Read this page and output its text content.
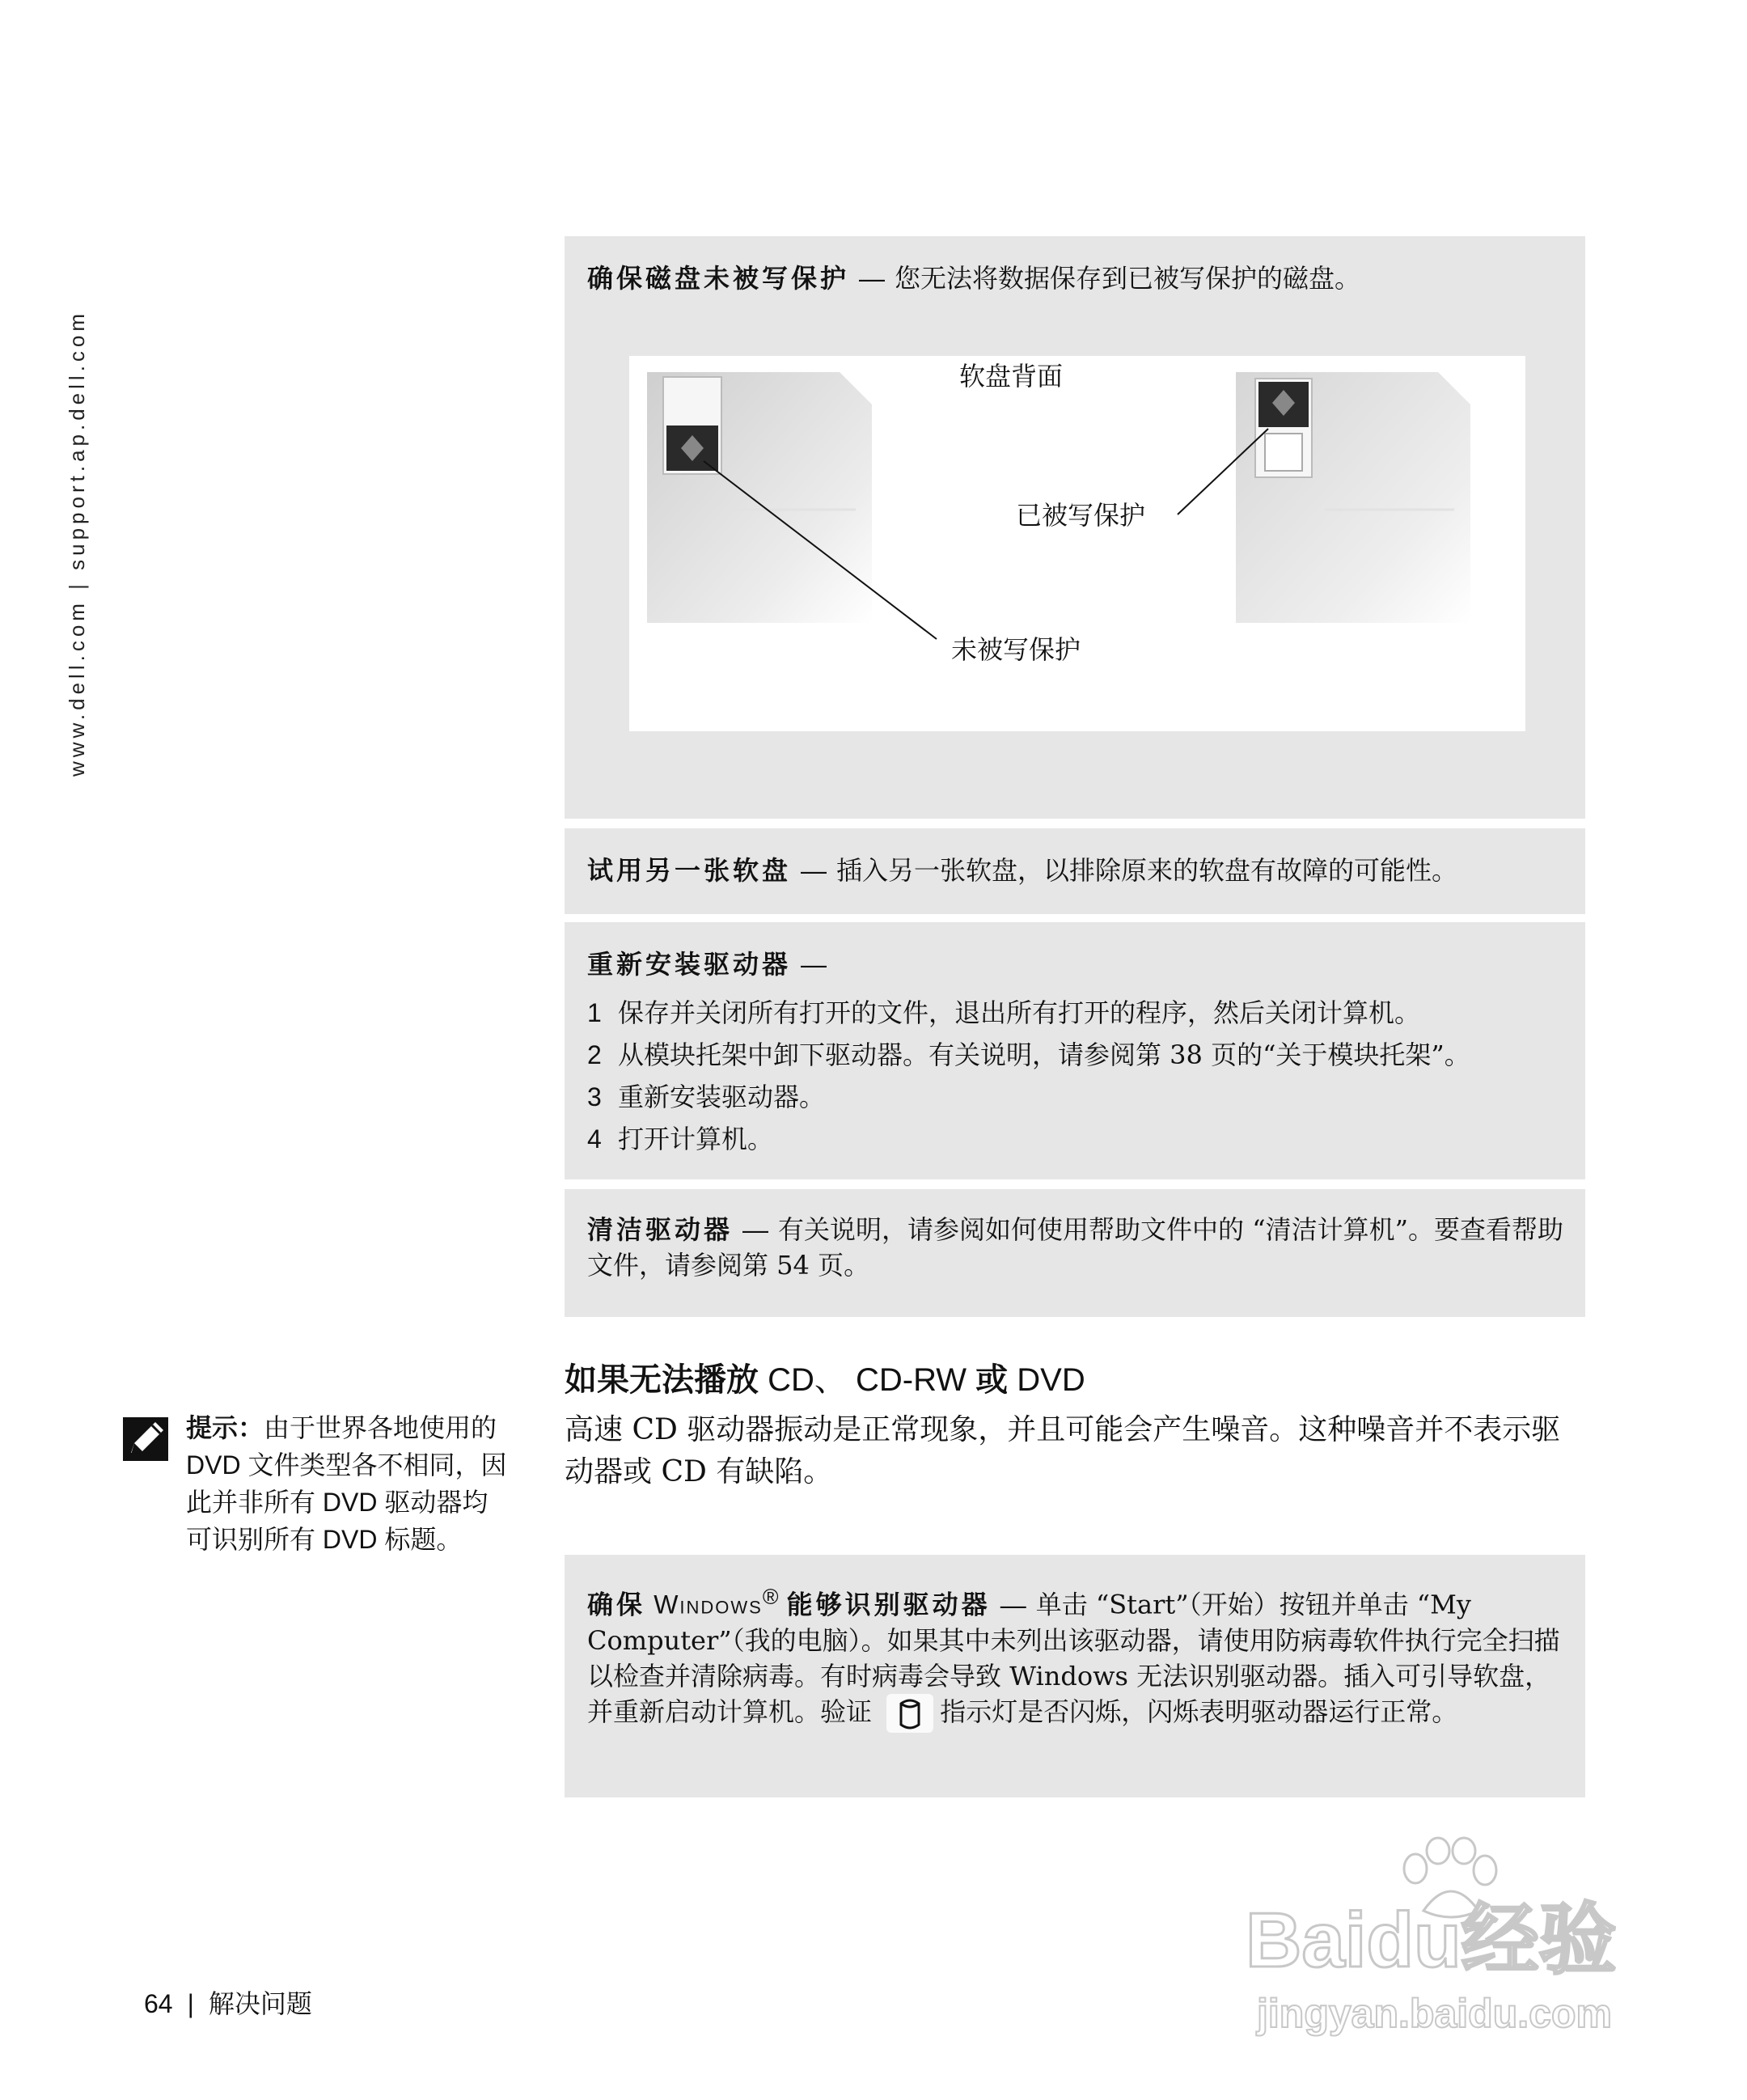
www.dell.com | support.ap.dell.com
确保磁盘未被写保护 — 您无法将数据保存到已被写保护的磁盘。
软盘背面
已被写保护
未被写保护
试用另一张软盘 — 插入另一张软盘，以排除原来的软盘有故障的可能性。
重新安装驱动器 —
1 保存并关闭所有打开的文件，退出所有打开的程序，然后关闭计算机。
2 从模块托架中卸下驱动器。有关说明，请参阅第 38 页的“关于模块托架”。
3 重新安装驱动器。
4 打开计算机。
清洁驱动器 — 有关说明，请参阅如何使用帮助文件中的 “清洁计算机”。要查看帮助文件，请参阅第 54 页。
如果无法播放 CD、 CD-RW 或 DVD
高速 CD 驱动器振动是正常现象，并且可能会产生噪音。这种噪音并不表示驱动器或 CD 有缺陷。
提示：由于世界各地使用的 DVD 文件类型各不相同，因此并非所有 DVD 驱动器均可识别所有 DVD 标题。
确保 Windows® 能够识别驱动器 — 单击 “Start”（开始）按钮并单击 “My Computer”（我的电脑）。如果其中未列出该驱动器，请使用防病毒软件执行完全扫描以检查并清除病毒。有时病毒会导致 Windows 无法识别驱动器。插入可引导软盘，并重新启动计算机。验证	指示灯是否闪烁，闪烁表明驱动器运行正常。
64 | 解决问题
Baidu经验
jingyan.baidu.com
